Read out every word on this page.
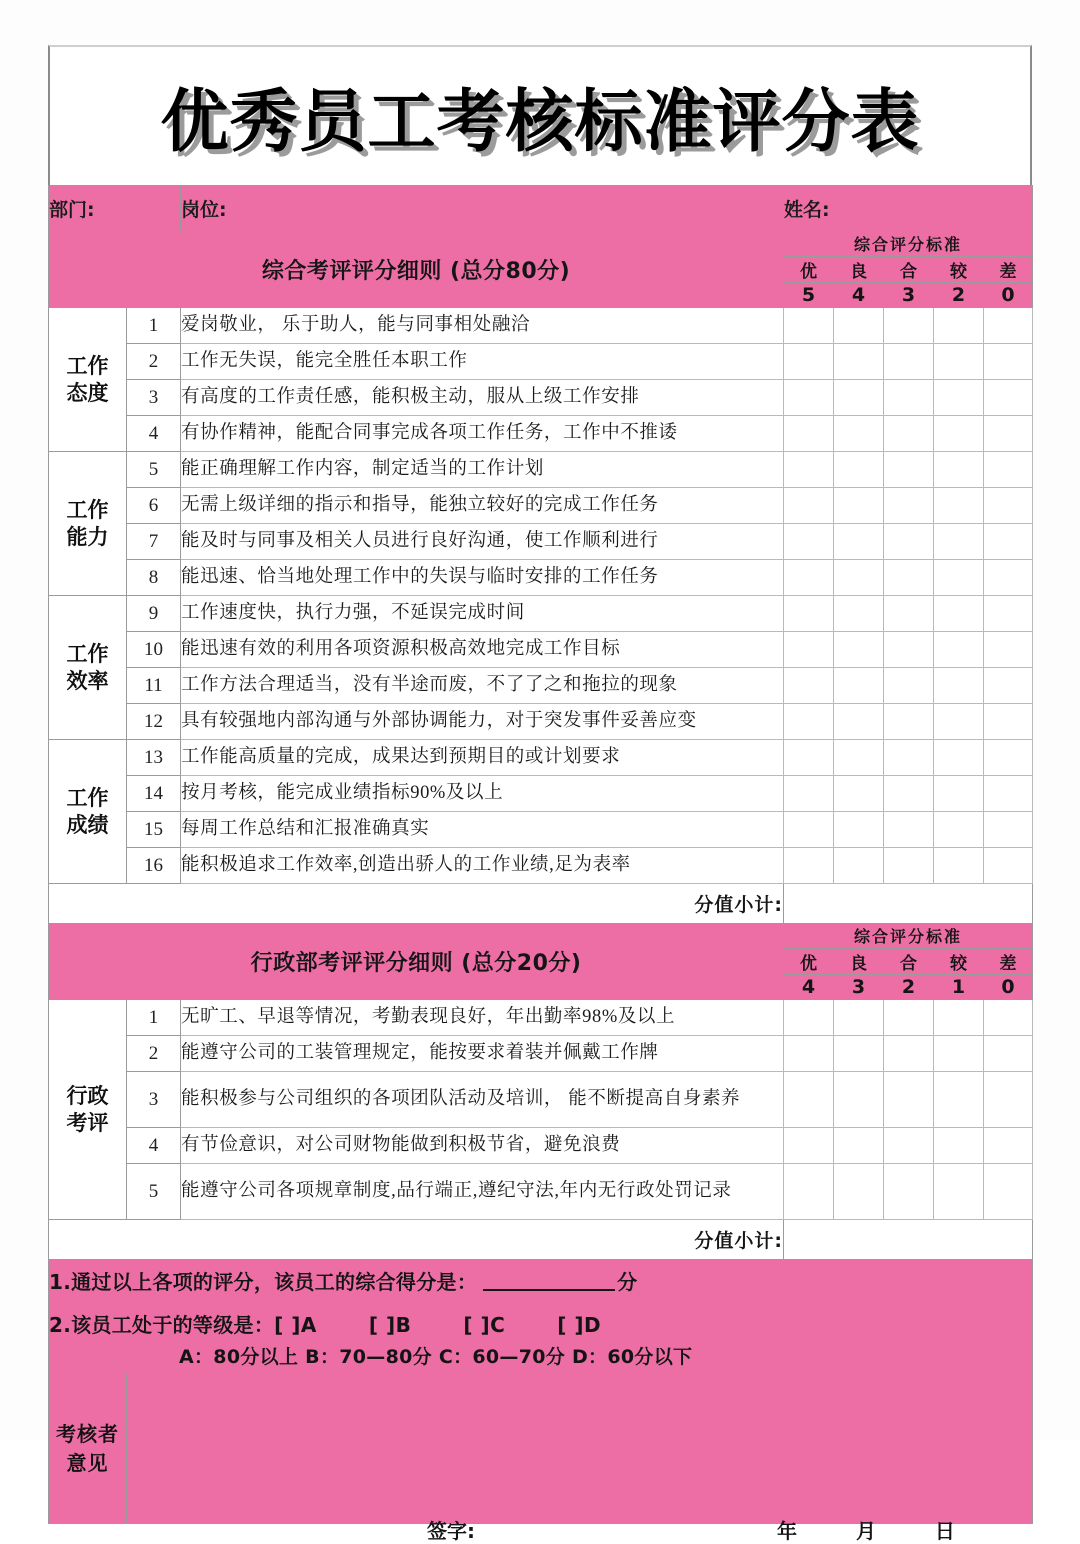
优秀员工考核标准评分表
部门:		岗位:	姓名:				
综合考评评分细则 (总分80分)			综合评分标准				
			优	良	合	较	差
			5	4	3	2	0

工作
态度	1	爱岗敬业， 乐于助人，能与同事相处融洽					
	2	工作无失误，能完全胜任本职工作					
	3	有高度的工作责任感，能积极主动，服从上级工作安排					
	4	有协作精神，能配合同事完成各项工作任务，工作中不推诿					

工作
能力	5	能正确理解工作内容，制定适当的工作计划					
	6	无需上级详细的指示和指导，能独立较好的完成工作任务					
	7	能及时与同事及相关人员进行良好沟通，使工作顺利进行					
	8	能迅速、恰当地处理工作中的失误与临时安排的工作任务					

工作
效率	9	工作速度快，执行力强，不延误完成时间					
	10	能迅速有效的利用各项资源积极高效地完成工作目标					
	11	工作方法合理适当，没有半途而废，不了了之和拖拉的现象					
	12	具有较强地内部沟通与外部协调能力，对于突发事件妥善应变					

工作
成绩	13	工作能高质量的完成，成果达到预期目的或计划要求					
	14	按月考核，能完成业绩指标90%及以上					
	15	每周工作总结和汇报准确真实					
	16	能积极追求工作效率,创造出骄人的工作业绩,足为表率					
分值小计:							
行政部考评评分细则 (总分20分)			综合评分标准				
			优	良	合	较	差
			4	3	2	1	0

行政
考评	1	无旷工、早退等情况，考勤表现良好，年出勤率98%及以上					
	2	能遵守公司的工装管理规定，能按要求着装并佩戴工作牌					
	3	能积极参与公司组织的各项团队活动及培训， 能不断提高自身素养					
	4	有节俭意识，对公司财物能做到积极节省，避免浪费					
	5	能遵守公司各项规章制度,品行端正,遵纪守法,年内无行政处罚记录					
分值小计:							
1.通过以上各项的评分，该员工的综合得分是： 分							
2.该员工处于的等级是：[ ]A [ ]B [ ]C [ ]D
A：80分以上 B：70—80分 C：60—70分 D：60分以下							

考核者意见	签字: 年 月 日						
